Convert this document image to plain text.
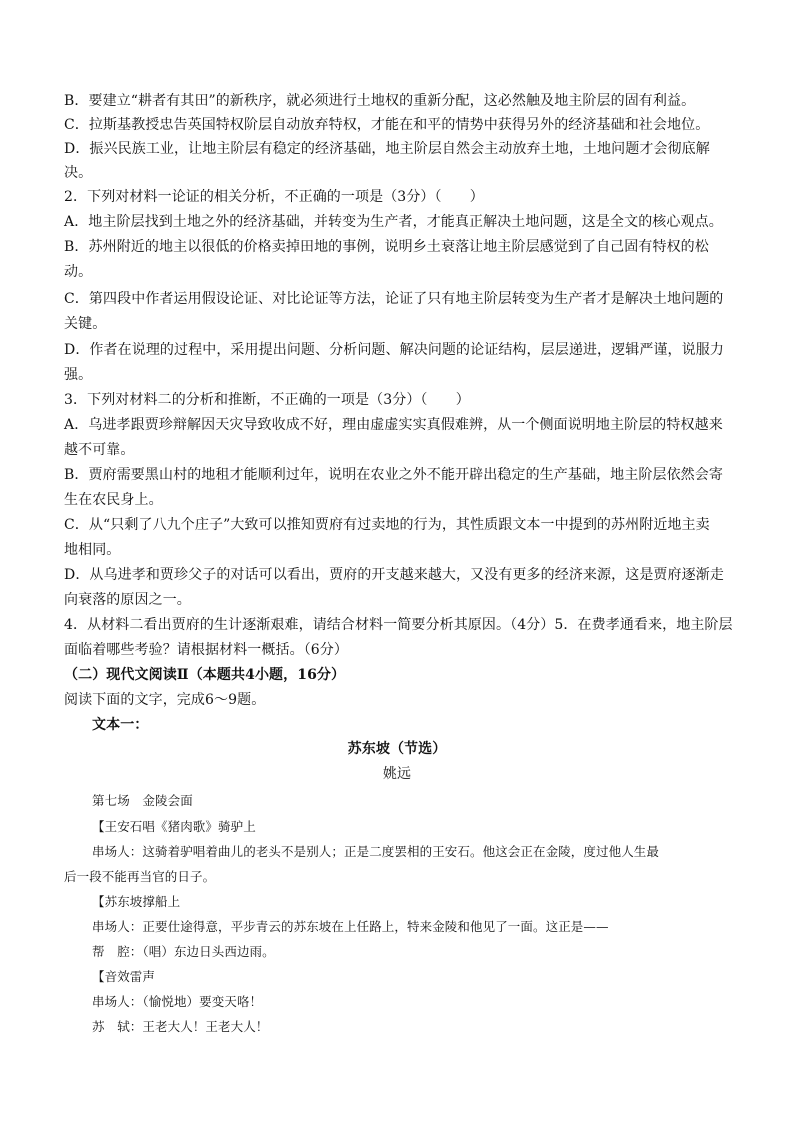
B．要建立“耕者有其田”的新秩序，就必须进行土地权的重新分配，这必然触及地主阶层的固有利益。
C．拉斯基教授忠告英国特权阶层自动放弃特权，才能在和平的情势中获得另外的经济基础和社会地位。
D．振兴民族工业，让地主阶层有稳定的经济基础，地主阶层自然会主动放弃土地，土地问题才会彻底解
决。
2．下列对材料一论证的相关分析，不正确的一项是（3分）（　　）
A．地主阶层找到土地之外的经济基础，并转变为生产者，才能真正解决土地问题，这是全文的核心观点。
B．苏州附近的地主以很低的价格卖掉田地的事例，说明乡土衰落让地主阶层感觉到了自己固有特权的松
动。
C．第四段中作者运用假设论证、对比论证等方法，论证了只有地主阶层转变为生产者才是解决土地问题的
关键。
D．作者在说理的过程中，采用提出问题、分析问题、解决问题的论证结构，层层递进，逻辑严谨，说服力
强。
3．下列对材料二的分析和推断，不正确的一项是（3分）（　　）
A．乌进孝跟贾珍辩解因天灾导致收成不好，理由虚虚实实真假难辨，从一个侧面说明地主阶层的特权越来
越不可靠。
B．贾府需要黑山村的地租才能顺利过年，说明在农业之外不能开辟出稳定的生产基础，地主阶层依然会寄
生在农民身上。
C．从“只剩了八九个庄子”大致可以推知贾府有过卖地的行为，其性质跟文本一中提到的苏州附近地主卖
地相同。
D．从乌进孝和贾珍父子的对话可以看出，贾府的开支越来越大，又没有更多的经济来源，这是贾府逐渐走
向衰落的原因之一。
4．从材料二看出贾府的生计逐渐艰难，请结合材料一简要分析其原因。（4分）5．在费孝通看来，地主阶层
面临着哪些考验？请根据材料一概括。（6分）
（二）现代文阅读Ⅱ（本题共4小题，16分）
阅读下面的文字，完成6～9题。
文本一：
苏东坡（节选）
姚远
第七场　金陵会面
【王安石唱《猪肉歌》骑驴上
串场人：这骑着驴唱着曲儿的老头不是别人；正是二度罢相的王安石。他这会正在金陵，度过他人生最
后一段不能再当官的日子。
【苏东坡撑船上
串场人：正要仕途得意，平步青云的苏东坡在上任路上，特来金陵和他见了一面。这正是——
帮　腔：（唱）东边日头西边雨。
【音效雷声
串场人：（愉悦地）要变天咯！
苏　轼：王老大人！王老大人！
